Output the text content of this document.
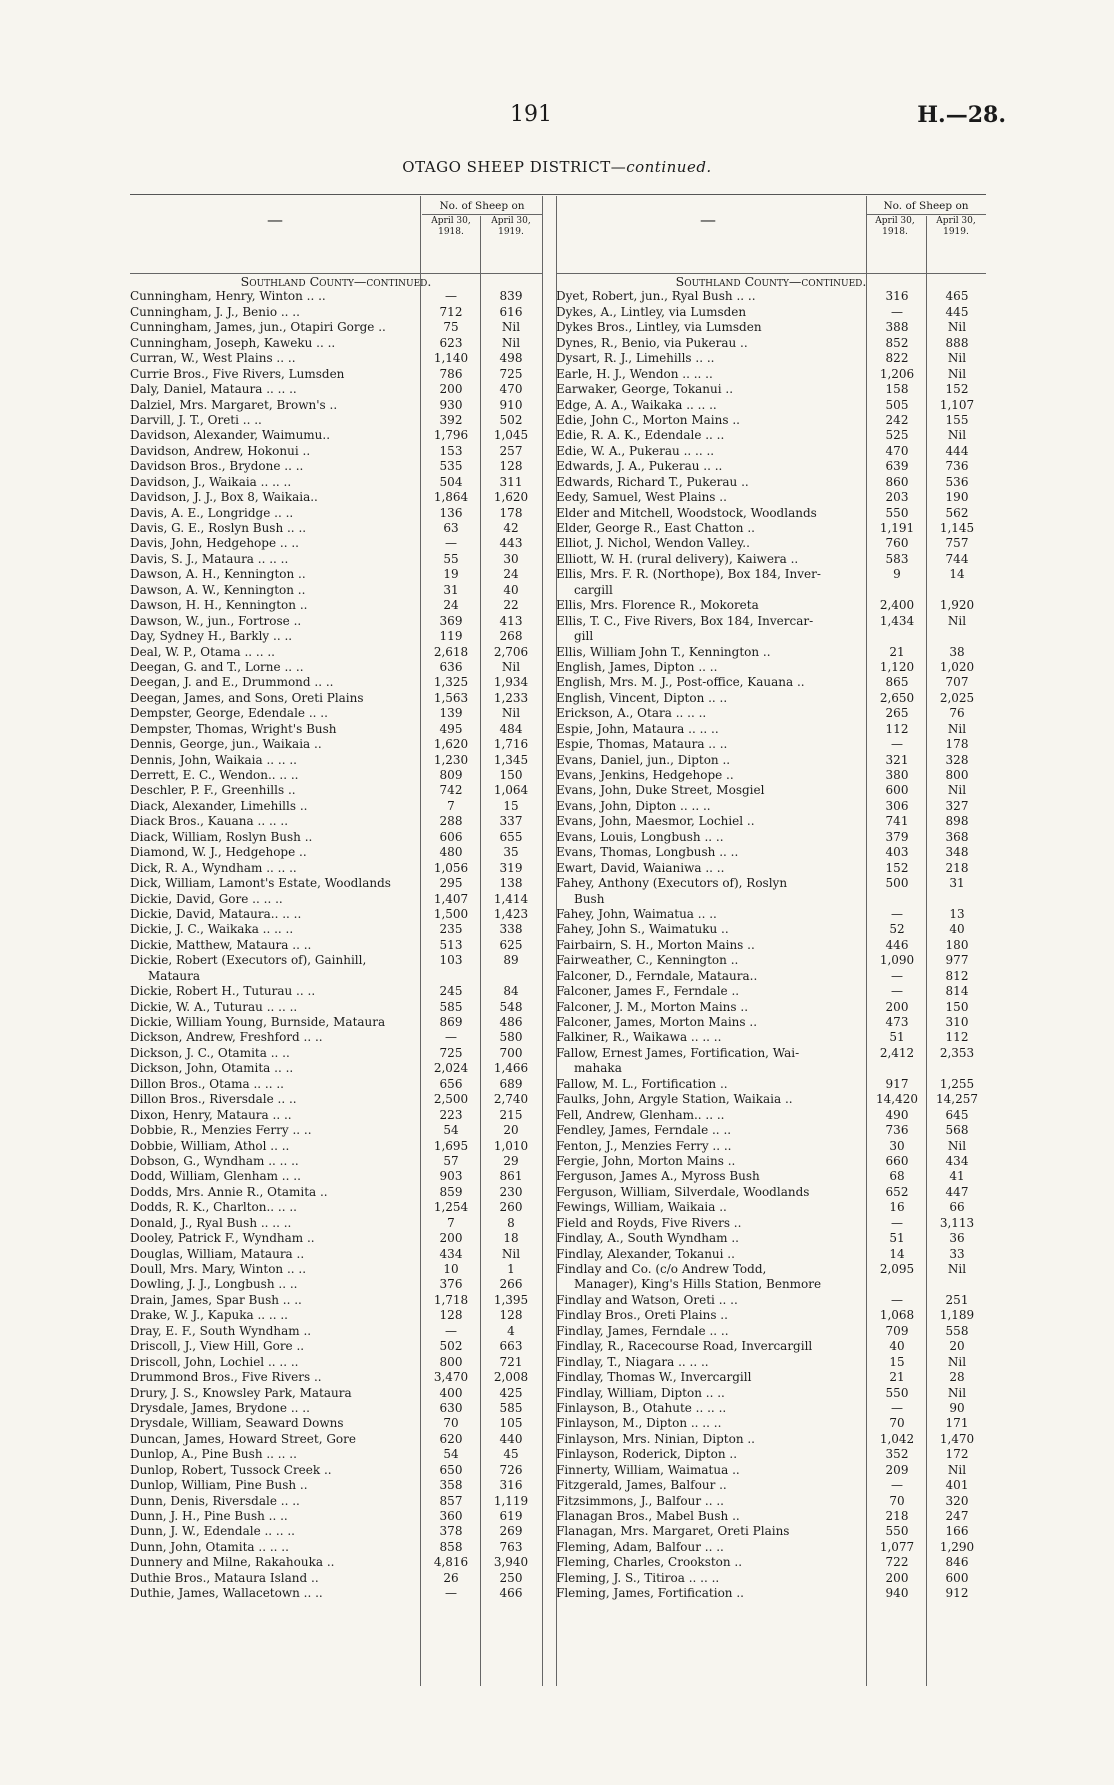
191	H.—28.
OTAGO SHEEP DISTRICT—continued.
—
No. of Sheep on
April 30, 1918.
April 30, 1919.
Southland County—continued.
Cunningham, Henry, Winton .. ..	—	839
Cunningham, J. J., Benio .. ..	712	616
Cunningham, James, jun., Otapiri Gorge ..	75	Nil
Cunningham, Joseph, Kaweku .. ..	623	Nil
Curran, W., West Plains .. ..	1,140	498
Currie Bros., Five Rivers, Lumsden	786	725
Daly, Daniel, Mataura .. .. ..	200	470
Dalziel, Mrs. Margaret, Brown's ..	930	910
Darvill, J. T., Oreti .. ..	392	502
Davidson, Alexander, Waimumu..	1,796	1,045
Davidson, Andrew, Hokonui ..	153	257
Davidson Bros., Brydone .. ..	535	128
Davidson, J., Waikaia .. .. ..	504	311
Davidson, J. J., Box 8, Waikaia..	1,864	1,620
Davis, A. E., Longridge .. ..	136	178
Davis, G. E., Roslyn Bush .. ..	63	42
Davis, John, Hedgehope .. ..	—	443
Davis, S. J., Mataura .. .. ..	55	30
Dawson, A. H., Kennington ..	19	24
Dawson, A. W., Kennington ..	31	40
Dawson, H. H., Kennington ..	24	22
Dawson, W., jun., Fortrose ..	369	413
Day, Sydney H., Barkly .. ..	119	268
Deal, W. P., Otama .. .. ..	2,618	2,706
Deegan, G. and T., Lorne .. ..	636	Nil
Deegan, J. and E., Drummond .. ..	1,325	1,934
Deegan, James, and Sons, Oreti Plains	1,563	1,233
Dempster, George, Edendale .. ..	139	Nil
Dempster, Thomas, Wright's Bush	495	484
Dennis, George, jun., Waikaia ..	1,620	1,716
Dennis, John, Waikaia .. .. ..	1,230	1,345
Derrett, E. C., Wendon.. .. ..	809	150
Deschler, P. F., Greenhills ..	742	1,064
Diack, Alexander, Limehills ..	7	15
Diack Bros., Kauana .. .. ..	288	337
Diack, William, Roslyn Bush ..	606	655
Diamond, W. J., Hedgehope ..	480	35
Dick, R. A., Wyndham .. .. ..	1,056	319
Dick, William, Lamont's Estate, Woodlands	295	138
Dickie, David, Gore .. .. ..	1,407	1,414
Dickie, David, Mataura.. .. ..	1,500	1,423
Dickie, J. C., Waikaka .. .. ..	235	338
Dickie, Matthew, Mataura .. ..	513	625
Dickie, Robert (Executors of), Gainhill,	103	89
Mataura
Dickie, Robert H., Tuturau .. ..	245	84
Dickie, W. A., Tuturau .. .. ..	585	548
Dickie, William Young, Burnside, Mataura	869	486
Dickson, Andrew, Freshford .. ..	—	580
Dickson, J. C., Otamita .. ..	725	700
Dickson, John, Otamita .. ..	2,024	1,466
Dillon Bros., Otama .. .. ..	656	689
Dillon Bros., Riversdale .. ..	2,500	2,740
Dixon, Henry, Mataura .. ..	223	215
Dobbie, R., Menzies Ferry .. ..	54	20
Dobbie, William, Athol .. ..	1,695	1,010
Dobson, G., Wyndham .. .. ..	57	29
Dodd, William, Glenham .. ..	903	861
Dodds, Mrs. Annie R., Otamita ..	859	230
Dodds, R. K., Charlton.. .. ..	1,254	260
Donald, J., Ryal Bush .. .. ..	7	8
Dooley, Patrick F., Wyndham ..	200	18
Douglas, William, Mataura ..	434	Nil
Doull, Mrs. Mary, Winton .. ..	10	1
Dowling, J. J., Longbush .. ..	376	266
Drain, James, Spar Bush .. ..	1,718	1,395
Drake, W. J., Kapuka .. .. ..	128	128
Dray, E. F., South Wyndham ..	—	4
Driscoll, J., View Hill, Gore ..	502	663
Driscoll, John, Lochiel .. .. ..	800	721
Drummond Bros., Five Rivers ..	3,470	2,008
Drury, J. S., Knowsley Park, Mataura	400	425
Drysdale, James, Brydone .. ..	630	585
Drysdale, William, Seaward Downs	70	105
Duncan, James, Howard Street, Gore	620	440
Dunlop, A., Pine Bush .. .. ..	54	45
Dunlop, Robert, Tussock Creek ..	650	726
Dunlop, William, Pine Bush ..	358	316
Dunn, Denis, Riversdale .. ..	857	1,119
Dunn, J. H., Pine Bush .. ..	360	619
Dunn, J. W., Edendale .. .. ..	378	269
Dunn, John, Otamita .. .. ..	858	763
Dunnery and Milne, Rakahouka ..	4,816	3,940
Duthie Bros., Mataura Island ..	26	250
Duthie, James, Wallacetown .. ..	—	466
—
No. of Sheep on
April 30, 1918.
April 30, 1919.
Southland County—continued.
Dyet, Robert, jun., Ryal Bush .. ..	316	465
Dykes, A., Lintley, via Lumsden	—	445
Dykes Bros., Lintley, via Lumsden	388	Nil
Dynes, R., Benio, via Pukerau ..	852	888
Dysart, R. J., Limehills .. ..	822	Nil
Earle, H. J., Wendon .. .. ..	1,206	Nil
Earwaker, George, Tokanui ..	158	152
Edge, A. A., Waikaka .. .. ..	505	1,107
Edie, John C., Morton Mains ..	242	155
Edie, R. A. K., Edendale .. ..	525	Nil
Edie, W. A., Pukerau .. .. ..	470	444
Edwards, J. A., Pukerau .. ..	639	736
Edwards, Richard T., Pukerau ..	860	536
Eedy, Samuel, West Plains ..	203	190
Elder and Mitchell, Woodstock, Woodlands	550	562
Elder, George R., East Chatton ..	1,191	1,145
Elliot, J. Nichol, Wendon Valley..	760	757
Elliott, W. H. (rural delivery), Kaiwera ..	583	744
Ellis, Mrs. F. R. (Northope), Box 184, Inver-	9	14
cargill
Ellis, Mrs. Florence R., Mokoreta	2,400	1,920
Ellis, T. C., Five Rivers, Box 184, Invercar-	1,434	Nil
gill
Ellis, William John T., Kennington ..	21	38
English, James, Dipton .. ..	1,120	1,020
English, Mrs. M. J., Post-office, Kauana ..	865	707
English, Vincent, Dipton .. ..	2,650	2,025
Erickson, A., Otara .. .. ..	265	76
Espie, John, Mataura .. .. ..	112	Nil
Espie, Thomas, Mataura .. ..	—	178
Evans, Daniel, jun., Dipton ..	321	328
Evans, Jenkins, Hedgehope ..	380	800
Evans, John, Duke Street, Mosgiel	600	Nil
Evans, John, Dipton .. .. ..	306	327
Evans, John, Maesmor, Lochiel ..	741	898
Evans, Louis, Longbush .. ..	379	368
Evans, Thomas, Longbush .. ..	403	348
Ewart, David, Waianiwa .. ..	152	218
Fahey, Anthony (Executors of), Roslyn	500	31
Bush
Fahey, John, Waimatua .. ..	—	13
Fahey, John S., Waimatuku ..	52	40
Fairbairn, S. H., Morton Mains ..	446	180
Fairweather, C., Kennington ..	1,090	977
Falconer, D., Ferndale, Mataura..	—	812
Falconer, James F., Ferndale ..	—	814
Falconer, J. M., Morton Mains ..	200	150
Falconer, James, Morton Mains ..	473	310
Falkiner, R., Waikawa .. .. ..	51	112
Fallow, Ernest James, Fortification, Wai-	2,412	2,353
mahaka
Fallow, M. L., Fortification ..	917	1,255
Faulks, John, Argyle Station, Waikaia ..	14,420	14,257
Fell, Andrew, Glenham.. .. ..	490	645
Fendley, James, Ferndale .. ..	736	568
Fenton, J., Menzies Ferry .. ..	30	Nil
Fergie, John, Morton Mains ..	660	434
Ferguson, James A., Myross Bush	68	41
Ferguson, William, Silverdale, Woodlands	652	447
Fewings, William, Waikaia ..	16	66
Field and Royds, Five Rivers ..	—	3,113
Findlay, A., South Wyndham ..	51	36
Findlay, Alexander, Tokanui ..	14	33
Findlay and Co. (c/o Andrew Todd,	2,095	Nil
Manager), King's Hills Station, Benmore
Findlay and Watson, Oreti .. ..	—	251
Findlay Bros., Oreti Plains ..	1,068	1,189
Findlay, James, Ferndale .. ..	709	558
Findlay, R., Racecourse Road, Invercargill	40	20
Findlay, T., Niagara .. .. ..	15	Nil
Findlay, Thomas W., Invercargill	21	28
Findlay, William, Dipton .. ..	550	Nil
Finlayson, B., Otahute .. .. ..	—	90
Finlayson, M., Dipton .. .. ..	70	171
Finlayson, Mrs. Ninian, Dipton ..	1,042	1,470
Finlayson, Roderick, Dipton ..	352	172
Finnerty, William, Waimatua ..	209	Nil
Fitzgerald, James, Balfour ..	—	401
Fitzsimmons, J., Balfour .. ..	70	320
Flanagan Bros., Mabel Bush ..	218	247
Flanagan, Mrs. Margaret, Oreti Plains	550	166
Fleming, Adam, Balfour .. ..	1,077	1,290
Fleming, Charles, Crookston ..	722	846
Fleming, J. S., Titiroa .. .. ..	200	600
Fleming, James, Fortification ..	940	912
